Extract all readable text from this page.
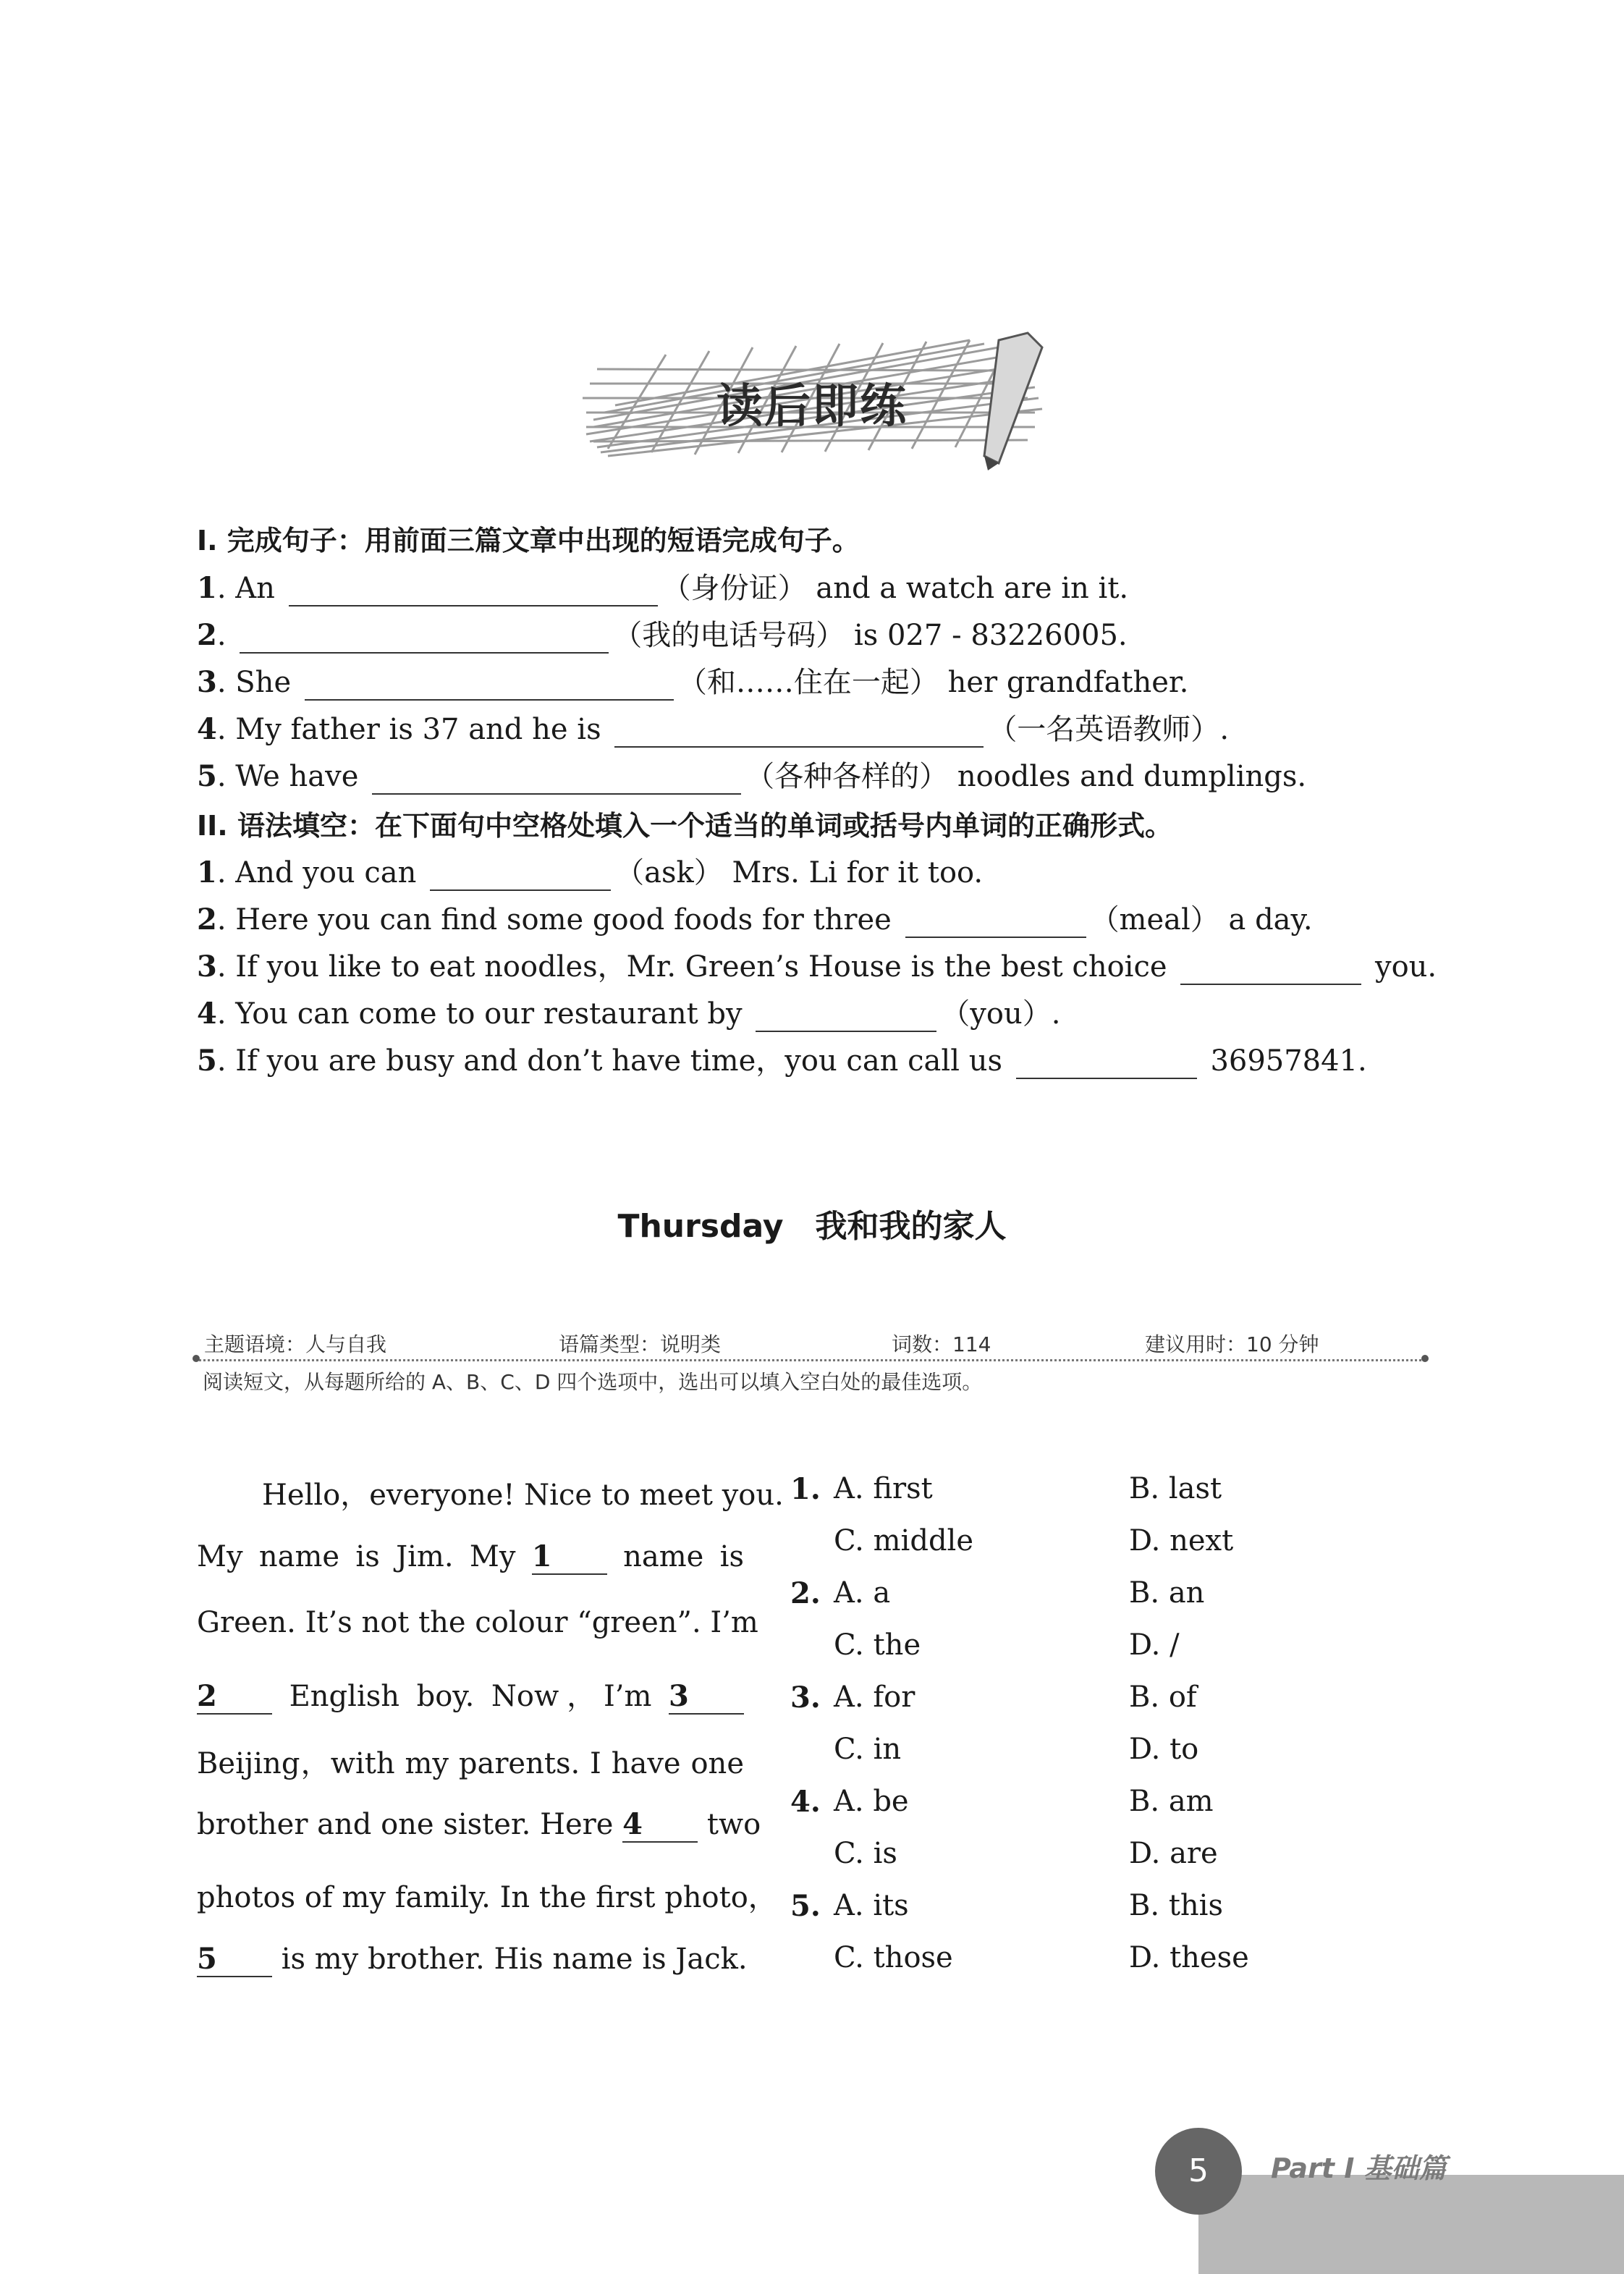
读后即练
I. 完成句子：用前面三篇文章中出现的短语完成句子。
1. An	（身份证） and a watch are in it.
2.	（我的电话号码） is 027 - 83226005.
3. She	（和……住在一起） her grandfather.
4. My father is 37 and he is	（一名英语教师）.
5. We have	（各种各样的） noodles and dumplings.
II. 语法填空：在下面句中空格处填入一个适当的单词或括号内单词的正确形式。
1. And you can	（ask） Mrs. Li for it too.
2. Here you can find some good foods for three	（meal） a day.
3. If you like to eat noodles，Mr. Green’s House is the best choice	you.
4. You can come to our restaurant by	（you）.
5. If you are busy and don’t have time，you can call us	36957841.
Thursday 我和我的家人
主题语境：人与自我	语篇类型：说明类	词数：114	建议用时：10 分钟
阅读短文，从每题所给的 A、B、C、D 四个选项中，选出可以填入空白处的最佳选项。
Hello，everyone! Nice to meet you.
My name is Jim. My 1 name is
Green. It’s not the colour “green”. I’m
2 English boy. Now，I’m 3
Beijing，with my parents. I have one
brother and one sister. Here 4 two
photos of my family. In the first photo，
5 is my brother. His name is Jack.
1. A. first	B. last
C. middle	D. next
2. A. a	B. an
C. the	D. /
3. A. for	B. of
C. in	D. to
4. A. be	B. am
C. is	D. are
5. A. its	B. this
C. those	D. these
5	Part Ⅰ 基础篇
